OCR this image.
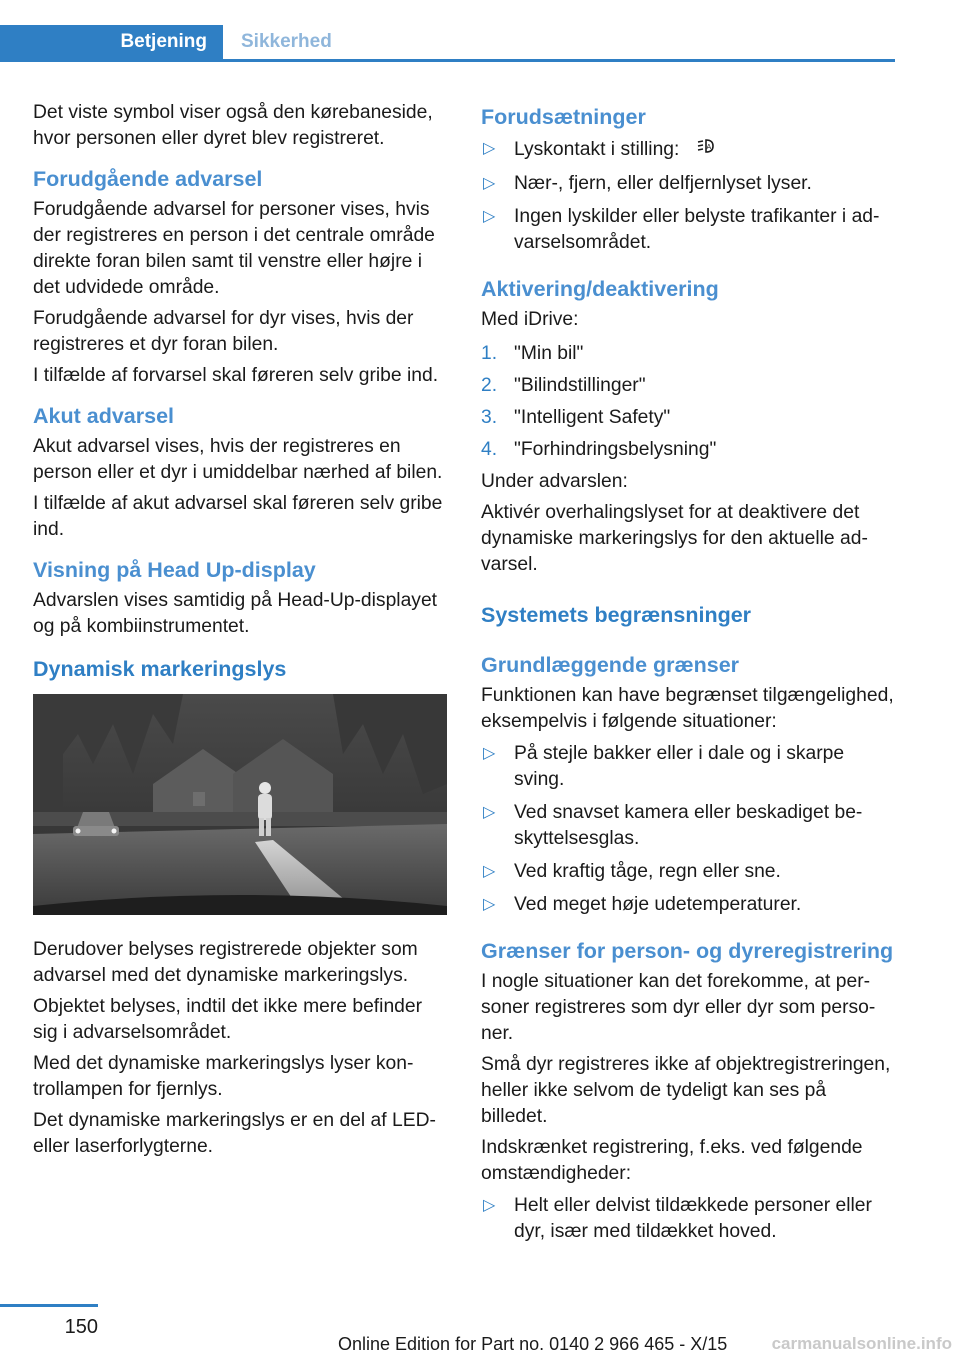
Betjening	Sikkerhed

Det viste symbol viser også den kørebaneside, hvor personen eller dyret blev registreret.

Forudgående advarsel

Forudgående advarsel for personer vises, hvis der registreres en person i det centrale område direkte foran bilen samt til venstre eller højre i det udvidede område.

Forudgående advarsel for dyr vises, hvis der registreres et dyr foran bilen.

I tilfælde af forvarsel skal føreren selv gribe ind.

Akut advarsel

Akut advarsel vises, hvis der registreres en person eller et dyr i umiddelbar nærhed af bilen.

I tilfælde af akut advarsel skal føreren selv gribe ind.

Visning på Head Up-display

Advarslen vises samtidig på Head-Up-displayet og på kombiinstrumentet.

Dynamisk markeringslys

Derudover belyses registrerede objekter som advarsel med det dynamiske markeringslys.

Objektet belyses, indtil det ikke mere befinder sig i advarselsområdet.

Med det dynamiske markeringslys lyser kontrollampen for fjernlys.

Det dynamiske markeringslys er en del af LED- eller laserforlygterne.

Forudsætninger
▷ Lyskontakt i stilling:	A
▷ Nær-, fjern, eller delfjernlyset lyser.
▷ Ingen lyskilder eller belyste trafikanter i advarselsområdet.
Aktivering/deaktivering

Med iDrive:

1. "Min bil"
2. "Bilindstillinger"
3. "Intelligent Safety"
4. "Forhindringsbelysning"

Under advarslen:

Aktivér overhalingslyset for at deaktivere det dynamiske markeringslys for den aktuelle advarsel.

Systemets begrænsninger
Grundlæggende grænser

Funktionen kan have begrænset tilgængelighed, eksempelvis i følgende situationer:

▷ På stejle bakker eller i dale og i skarpe sving.
▷ Ved snavset kamera eller beskadiget beskyttelsesglas.
▷ Ved kraftig tåge, regn eller sne.
▷ Ved meget høje udetemperaturer.
Grænser for person- og dyreregistrering

I nogle situationer kan det forekomme, at personer registreres som dyr eller dyr som personer.

Små dyr registreres ikke af objektregistreringen, heller ikke selvom de tydeligt kan ses på billedet.

Indskrænket registrering, f.eks. ved følgende omstændigheder:

▷ Helt eller delvist tildækkede personer eller dyr, især med tildækket hoved.
150
Online Edition for Part no. 0140 2 966 465 - X/15	carmanualsonline.info
